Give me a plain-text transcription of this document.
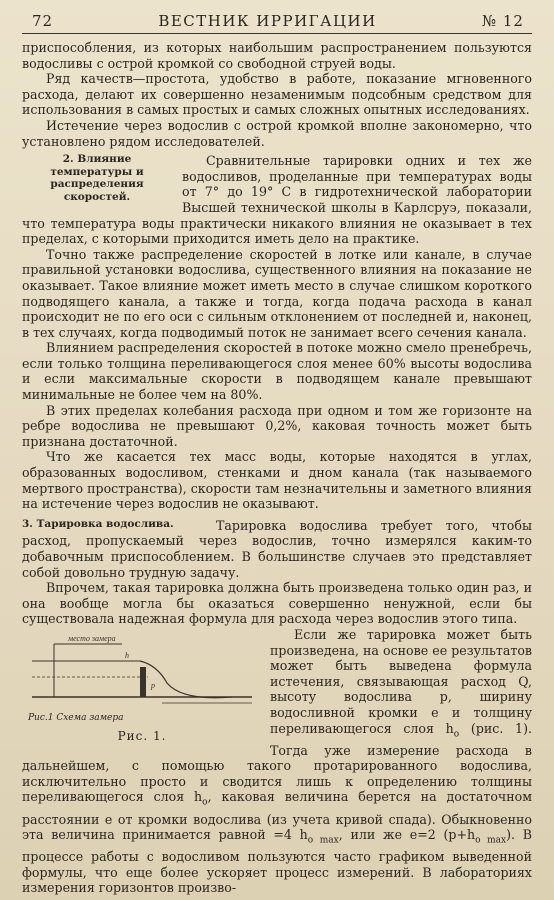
72	ВЕСТНИК ИРРИГАЦИИ	№ 12

приспособления, из которых наибольшим распространением пользуются водосливы с острой кромкой со свободной струей воды.

Ряд качеств—простота, удобство в работе, показание мгновенного расхода, делают их совершенно незаменимым подсобным средством для использования в самых простых и самых сложных опытных исследованиях.

Истечение через водослив с острой кромкой вполне закономерно, что установлено рядом исследователей.

2. Влияние температуры и распределения скоростей.

Сравнительные тарировки одних и тех же водосливов, проделанные при температурах воды от 7° до 19° С в гидротехнической лаборатории Высшей технической школы в Карлсруэ, показали, что температура воды практически никакого влияния не оказывает в тех пределах, с которыми приходится иметь дело на практике.

Точно также распределение скоростей в лотке или канале, в случае правильной установки водослива, существенного влияния на показание не оказывает. Такое влияние может иметь место в случае слишком короткого подводящего канала, а также и тогда, когда подача расхода в канал происходит не по его оси с сильным отклонением от последней и, наконец, в тех случаях, когда подводимый поток не занимает всего сечения канала.

Влиянием распределения скоростей в потоке можно смело пренебречь, если только толщина переливающегося слоя менее 60% высоты водослива и если максимальные скорости в подводящем канале превышают минимальные не более чем на 80%.

В этих пределах колебания расхода при одном и том же горизонте на ребре водослива не превышают 0,2%, каковая точность может быть признана достаточной.

Что же касается тех масс воды, которые находятся в углах, образованных водосливом, стенками и дном канала (так называемого мертвого пространства), скорости там незначительны и заметного влияния на истечение через водослив не оказывают.

3. Тарировка водослива.	Тарировка водослива требует того, чтобы расход, пропускаемый через водослив, точно измерялся каким-то добавочным приспособлением. В большинстве случаев это представляет собой довольно трудную задачу.

Впрочем, такая тарировка должна быть произведена только один раз, и она вообще могла бы оказаться совершенно ненужной, если бы существовала надежная формула для расхода через водослив этого типа.

место замера
h
p
Рис.1 Схема замера
Рис. 1.

Если же тарировка может быть произведена, на основе ее результатов может быть выведена формула истечения, связывающая расход Q, высоту водослива p, ширину водосливной кромки e и толщину переливающегося слоя $h_o$ (рис. 1). Тогда уже измерение расхода в дальнейшем, с помощью такого протарированного водослива, исключительно просто и сводится лишь к определению толщины переливающегося слоя $h_o$, каковая величина берется на достаточном расстоянии e от кромки водослива (из учета кривой спада). Обыкновенно эта величина принимается равной =4 $h_{o max}$, или же e=2 $(p+h_{o max})$. В процессе работы с водосливом пользуются часто графиком выведенной формулы, что еще более ускоряет процесс измерений. В лабораториях измерения горизонтов произво-
